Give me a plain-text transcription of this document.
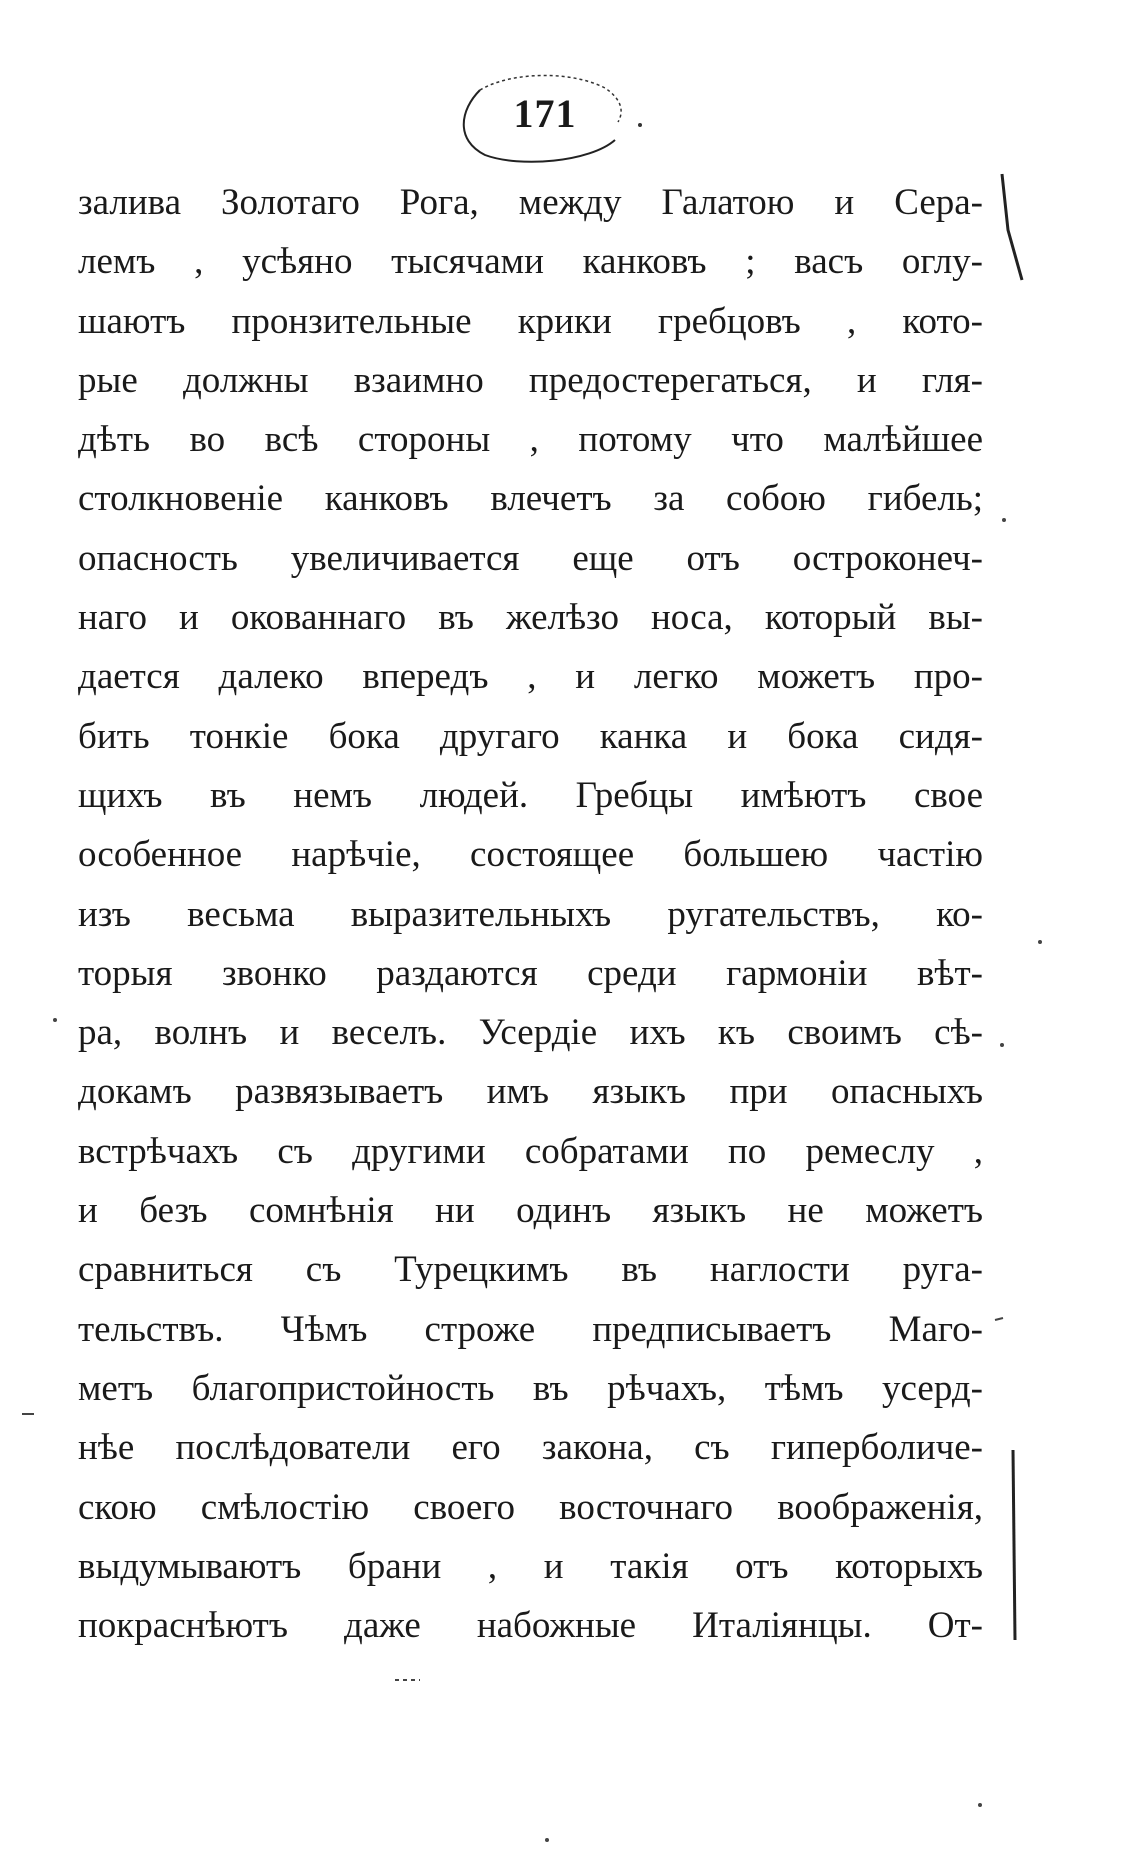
171
залива Золотаго Рога, между Галатою и Сера-
лемъ , усѣяно тысячами канковъ ; васъ оглу-
шаютъ пронзительные крики гребцовъ , кото-
рые должны взаимно предостерегаться, и гля-
дѣть во всѣ стороны , потому что малѣйшее
столкновеніе канковъ влечетъ за собою гибель;
опасность увеличивается еще отъ остроконеч-
наго и окованнаго въ желѣзо носа, который вы-
дается далеко впередъ , и легко можетъ про-
бить тонкіе бока другаго канка и бока сидя-
щихъ въ немъ людей. Гребцы имѣютъ свое
особенное нарѣчіе, состоящее большею частію
изъ весьма выразительныхъ ругательствъ, ко-
торыя звонко раздаются среди гармоніи вѣт-
ра, волнъ и веселъ. Усердіе ихъ къ своимъ сѣ-
докамъ развязываетъ имъ языкъ при опасныхъ
встрѣчахъ съ другими собратами по ремеслу ,
и безъ сомнѣнія ни одинъ языкъ не можетъ
сравниться съ Турецкимъ въ наглости руга-
тельствъ. Чѣмъ строже предписываетъ Маго-
метъ благопристойность въ рѣчахъ, тѣмъ усерд-
нѣе послѣдователи его закона, съ гиперболиче-
скою смѣлостію своего восточнаго воображенія,
выдумываютъ брани , и такія отъ которыхъ
покраснѣютъ даже набожные Италіянцы. От-
